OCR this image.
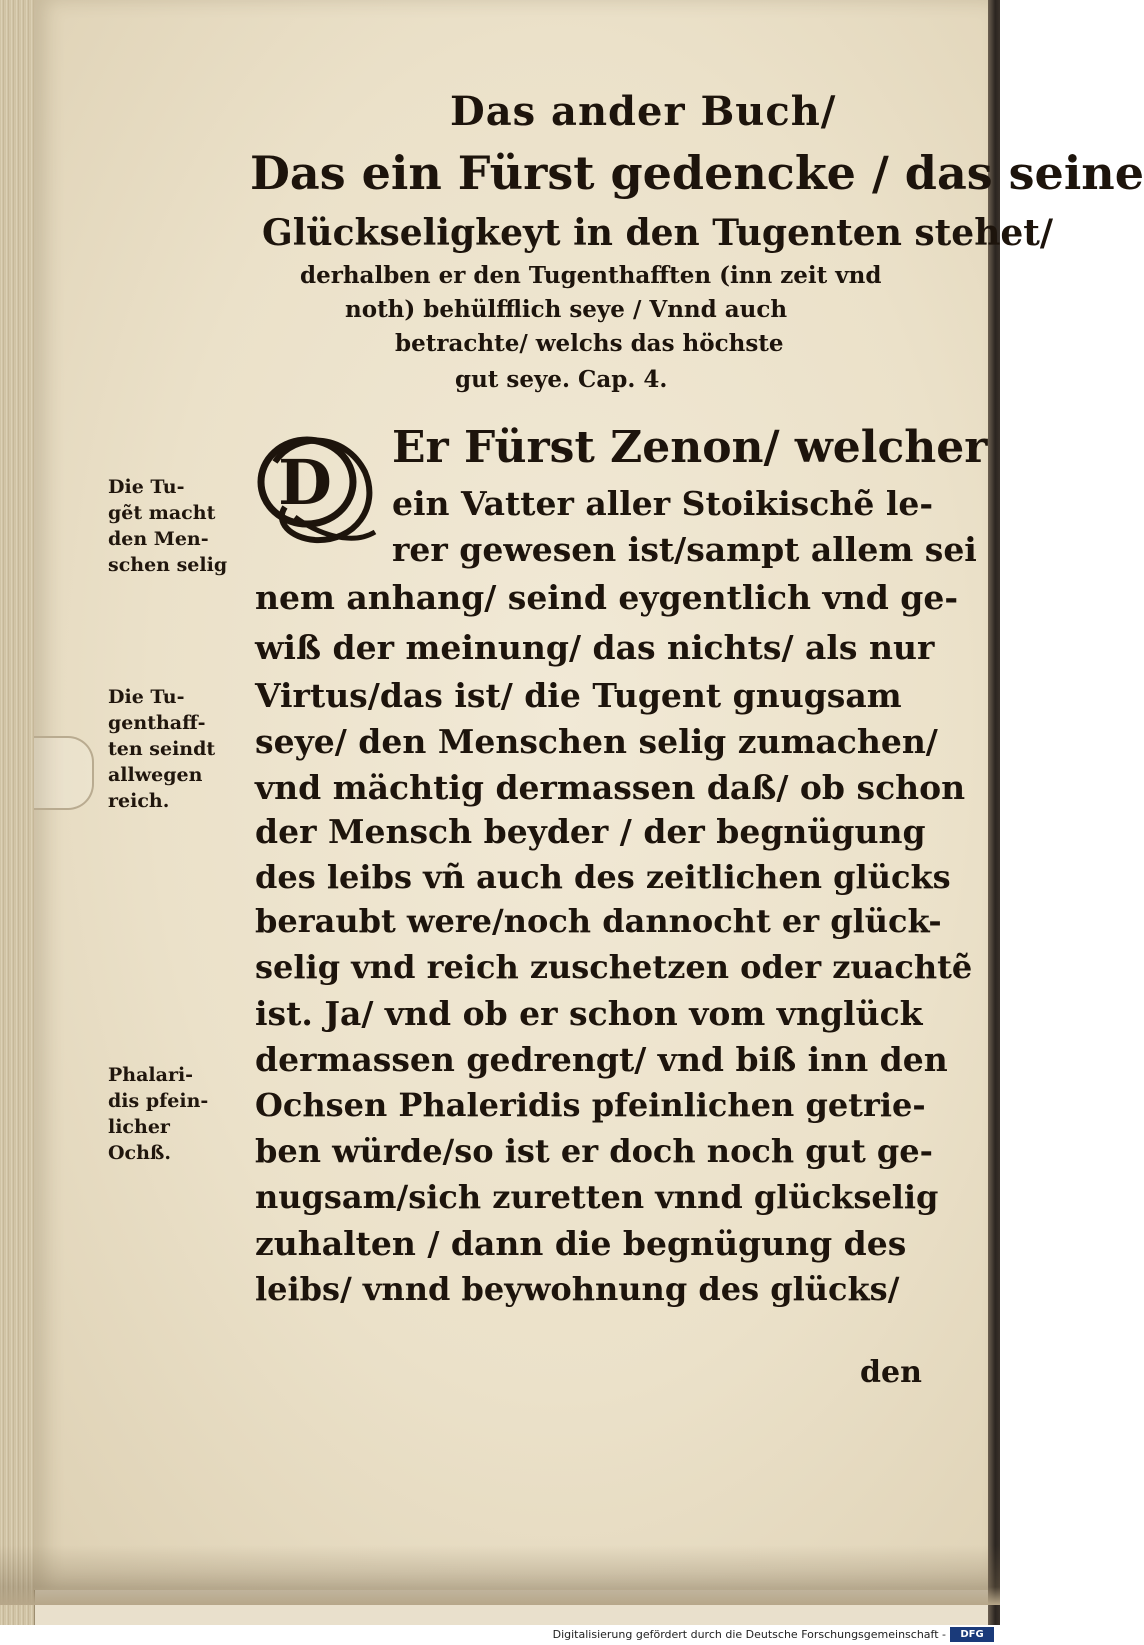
Das ander Buch/

Das ein Fürst gedencke / das seine

Glückseligkeyt in den Tugenten stehet/

derhalben er den Tugenthafften (inn zeit vnd

noth) behülfflich seye / Vnnd auch

betrachte/ welchs das höchste

gut seye. Cap. 4.

D Er Fürst Zenon/ welcher

ein Vatter aller Stoikischẽ le-

rer gewesen ist/sampt allem sei

nem anhang/ seind eygentlich vnd ge-

wiß der meinung/ das nichts/ als nur

Virtus/das ist/ die Tugent gnugsam

seye/ den Menschen selig zumachen/

vnd mächtig dermassen daß/ ob schon

der Mensch beyder / der begnügung

des leibs vñ auch des zeitlichen glücks

beraubt were/noch dannocht er glück-

selig vnd reich zuschetzen oder zuachtẽ

ist. Ja/ vnd ob er schon vom vnglück

dermassen gedrengt/ vnd biß inn den

Ochsen Phaleridis pfeinlichen getrie-

ben würde/so ist er doch noch gut ge-

nugsam/sich zuretten vnnd glückselig

zuhalten / dann die begnügung des

leibs/ vnnd beywohnung des glücks/

den

Die Tu-
gẽt macht
den Men-
schen selig

Die Tu-
genthaff-
ten seindt
allwegen
reich.

Phalari-
dis pfein-
licher
Ochß.

Digitalisierung gefördert durch die Deutsche Forschungsgemeinschaft -	DFG
